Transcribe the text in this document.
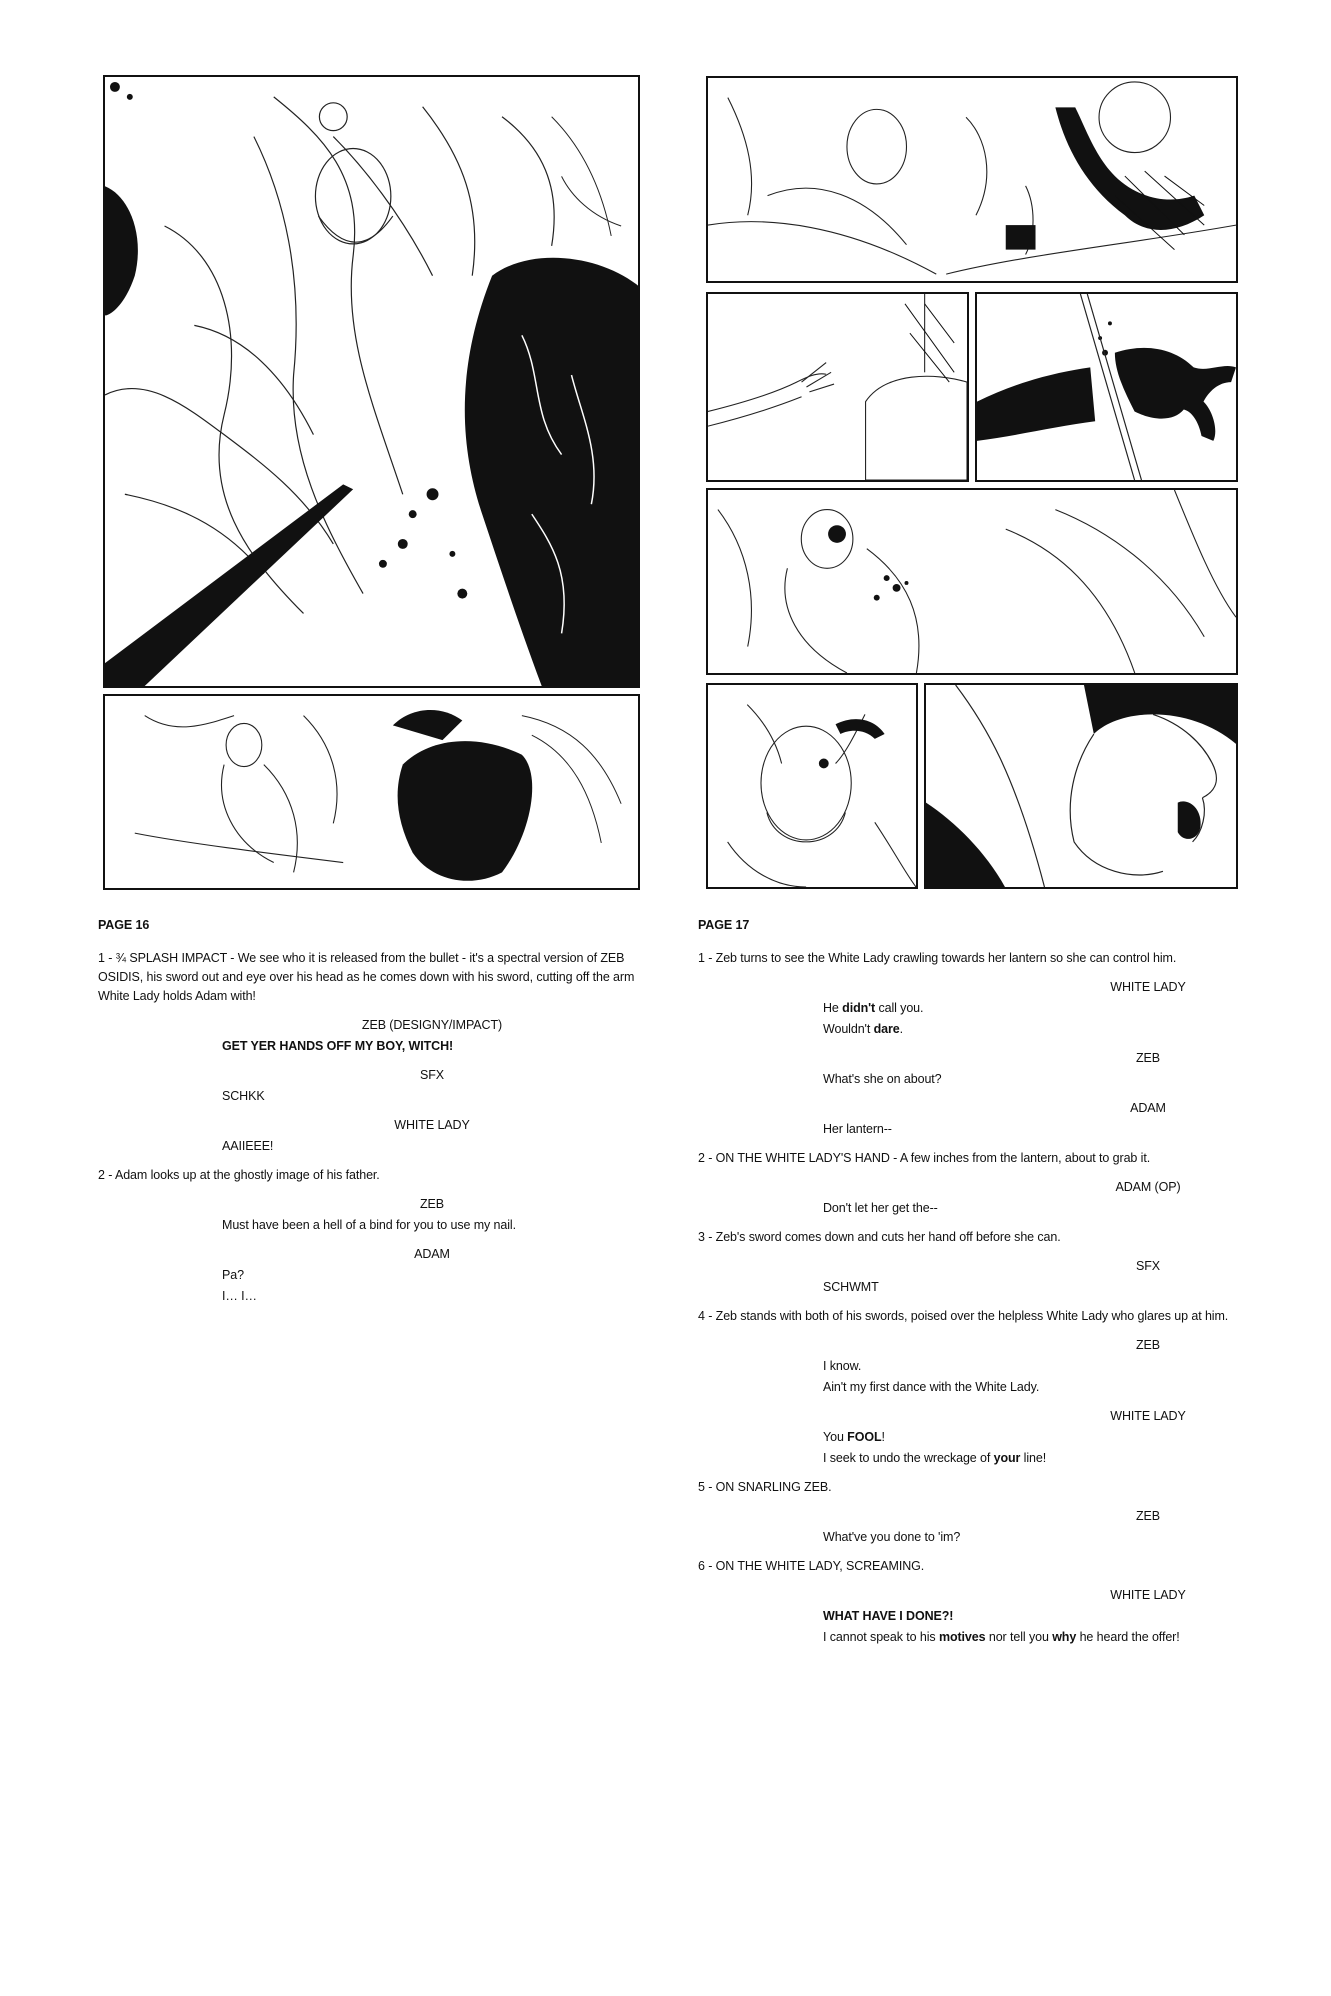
PAGE 16
1 - ¾ SPLASH IMPACT - We see who it is released from the bullet - it's a spectral version of ZEB OSIDIS, his sword out and eye over his head as he comes down with his sword, cutting off the arm White Lady holds Adam with!
ZEB (DESIGNY/IMPACT)
GET YER HANDS OFF MY BOY, WITCH!
SFX
SCHKK
WHITE LADY
AAIIEEE!
2 - Adam looks up at the ghostly image of his father.
ZEB
Must have been a hell of a bind for you to use my nail.
ADAM
Pa?
I… I…
PAGE 17
1 - Zeb turns to see the White Lady crawling towards her lantern so she can control him.
WHITE LADY
He didn't call you.
Wouldn't dare.
ZEB
What's she on about?
ADAM
Her lantern--
2 - ON THE WHITE LADY'S HAND - A few inches from the lantern, about to grab it.
ADAM (OP)
Don't let her get the--
3 - Zeb's sword comes down and cuts her hand off before she can.
SFX
SCHWMT
4 - Zeb stands with both of his swords, poised over the helpless White Lady who glares up at him.
ZEB
I know.
Ain't my first dance with the White Lady.
WHITE LADY
You FOOL!
I seek to undo the wreckage of your line!
5 - ON SNARLING ZEB.
ZEB
What've you done to 'im?
6 - ON THE WHITE LADY, SCREAMING.
WHITE LADY
WHAT HAVE I DONE?!
I cannot speak to his motives nor tell you why he heard the offer!
